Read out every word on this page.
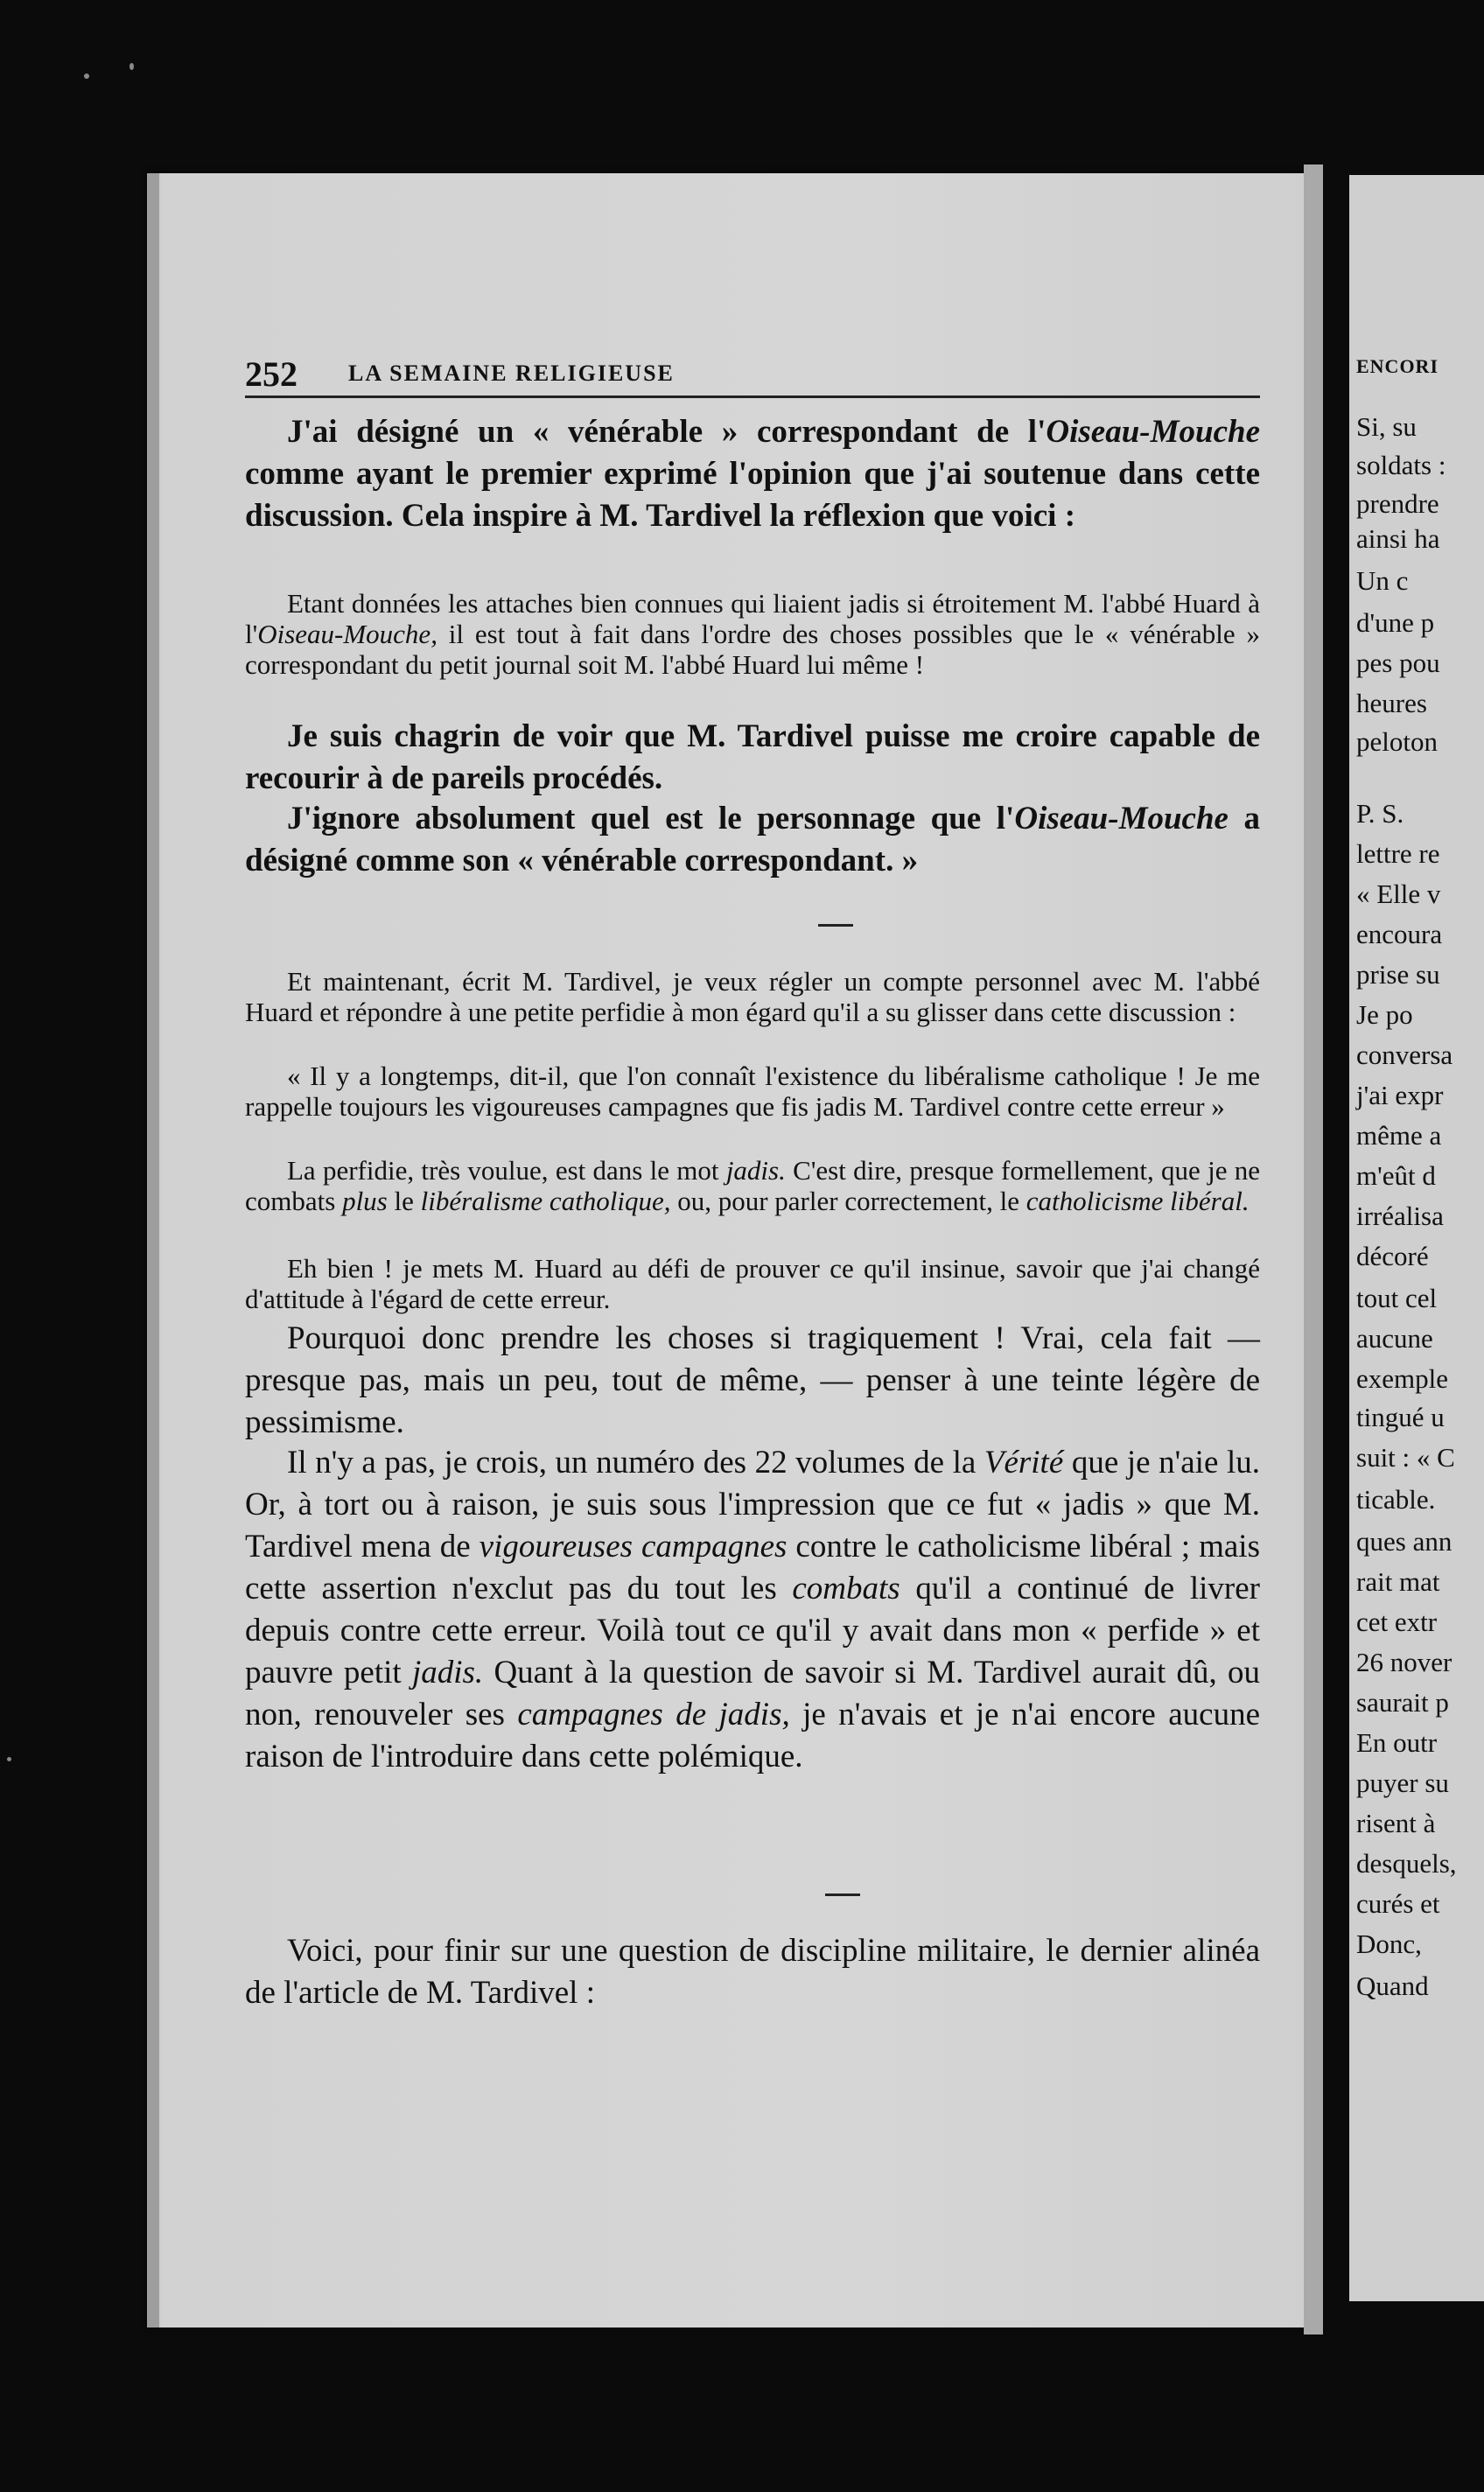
252 LA SEMAINE RELIGIEUSE

J'ai désigné un « vénérable » correspondant de l'Oiseau-Mouche comme ayant le premier exprimé l'opinion que j'ai soutenue dans cette discussion. Cela inspire à M. Tardivel la réflexion que voici :

Etant données les attaches bien connues qui liaient jadis si étroitement M. l'abbé Huard à l'Oiseau-Mouche, il est tout à fait dans l'ordre des choses possibles que le « vénérable » correspondant du petit journal soit M. l'abbé Huard lui même !

Je suis chagrin de voir que M. Tardivel puisse me croire capable de recourir à de pareils procédés.

J'ignore absolument quel est le personnage que l'Oiseau-Mouche a désigné comme son « vénérable correspondant. »

Et maintenant, écrit M. Tardivel, je veux régler un compte personnel avec M. l'abbé Huard et répondre à une petite perfidie à mon égard qu'il a su glisser dans cette discussion :

« Il y a longtemps, dit-il, que l'on connaît l'existence du libéralisme catholique ! Je me rappelle toujours les vigoureuses campagnes que fis jadis M. Tardivel contre cette erreur »

La perfidie, très voulue, est dans le mot jadis. C'est dire, presque formellement, que je ne combats plus le libéralisme catholique, ou, pour parler correctement, le catholicisme libéral.

Eh bien ! je mets M. Huard au défi de prouver ce qu'il insinue, savoir que j'ai changé d'attitude à l'égard de cette erreur.

Pourquoi donc prendre les choses si tragiquement ! Vrai, cela fait — presque pas, mais un peu, tout de même, — penser à une teinte légère de pessimisme.

Il n'y a pas, je crois, un numéro des 22 volumes de la Vérité que je n'aie lu. Or, à tort ou à raison, je suis sous l'impression que ce fut « jadis » que M. Tardivel mena de vigoureuses campagnes contre le catholicisme libéral ; mais cette assertion n'exclut pas du tout les combats qu'il a continué de livrer depuis contre cette erreur. Voilà tout ce qu'il y avait dans mon « perfide » et pauvre petit jadis. Quant à la question de savoir si M. Tardivel aurait dû, ou non, renouveler ses campagnes de jadis, je n'avais et je n'ai encore aucune raison de l'introduire dans cette polémique.

Voici, pour finir sur une question de discipline militaire, le dernier alinéa de l'article de M. Tardivel :

ENCORI
Si, su
soldats :
prendre
ainsi ha
Un c
d'une p
pes pou
heures
peloton
P. S.
lettre re
« Elle v
encoura
prise su
Je po
conversa
j'ai expr
même a
m'eût d
irréalisa
décoré
tout cel
aucune
exemple
tingué u
suit : « C
ticable.
ques ann
rait mat
cet extr
26 nover
saurait p
En outr
puyer su
risent à
desquels,
curés et
Donc,
Quand
